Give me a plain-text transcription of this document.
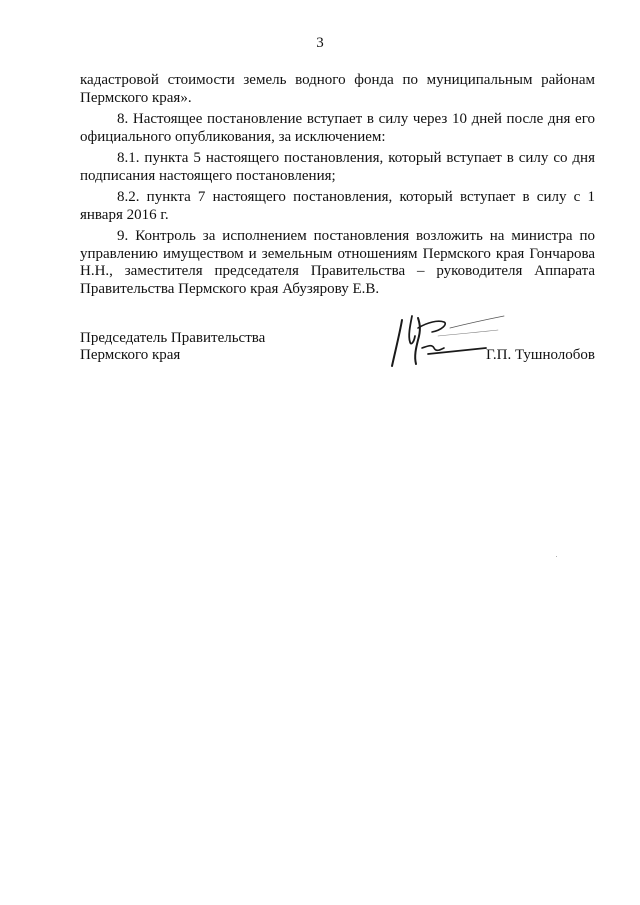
3

кадастровой стоимости земель водного фонда по муниципальным районам Пермского края».

8. Настоящее постановление вступает в силу через 10 дней после дня его официального опубликования, за исключением:

8.1. пункта 5 настоящего постановления, который вступает в силу со дня подписания настоящего постановления;

8.2. пункта 7 настоящего постановления, который вступает в силу с 1 января 2016 г.

9. Контроль за исполнением постановления возложить на министра по управлению имуществом и земельным отношениям Пермского края Гончарова Н.Н., заместителя председателя Правительства – руководителя Аппарата Правительства Пермского края Абузярову Е.В.

Председатель Правительства
Пермского края	Г.П. Тушнолобов
